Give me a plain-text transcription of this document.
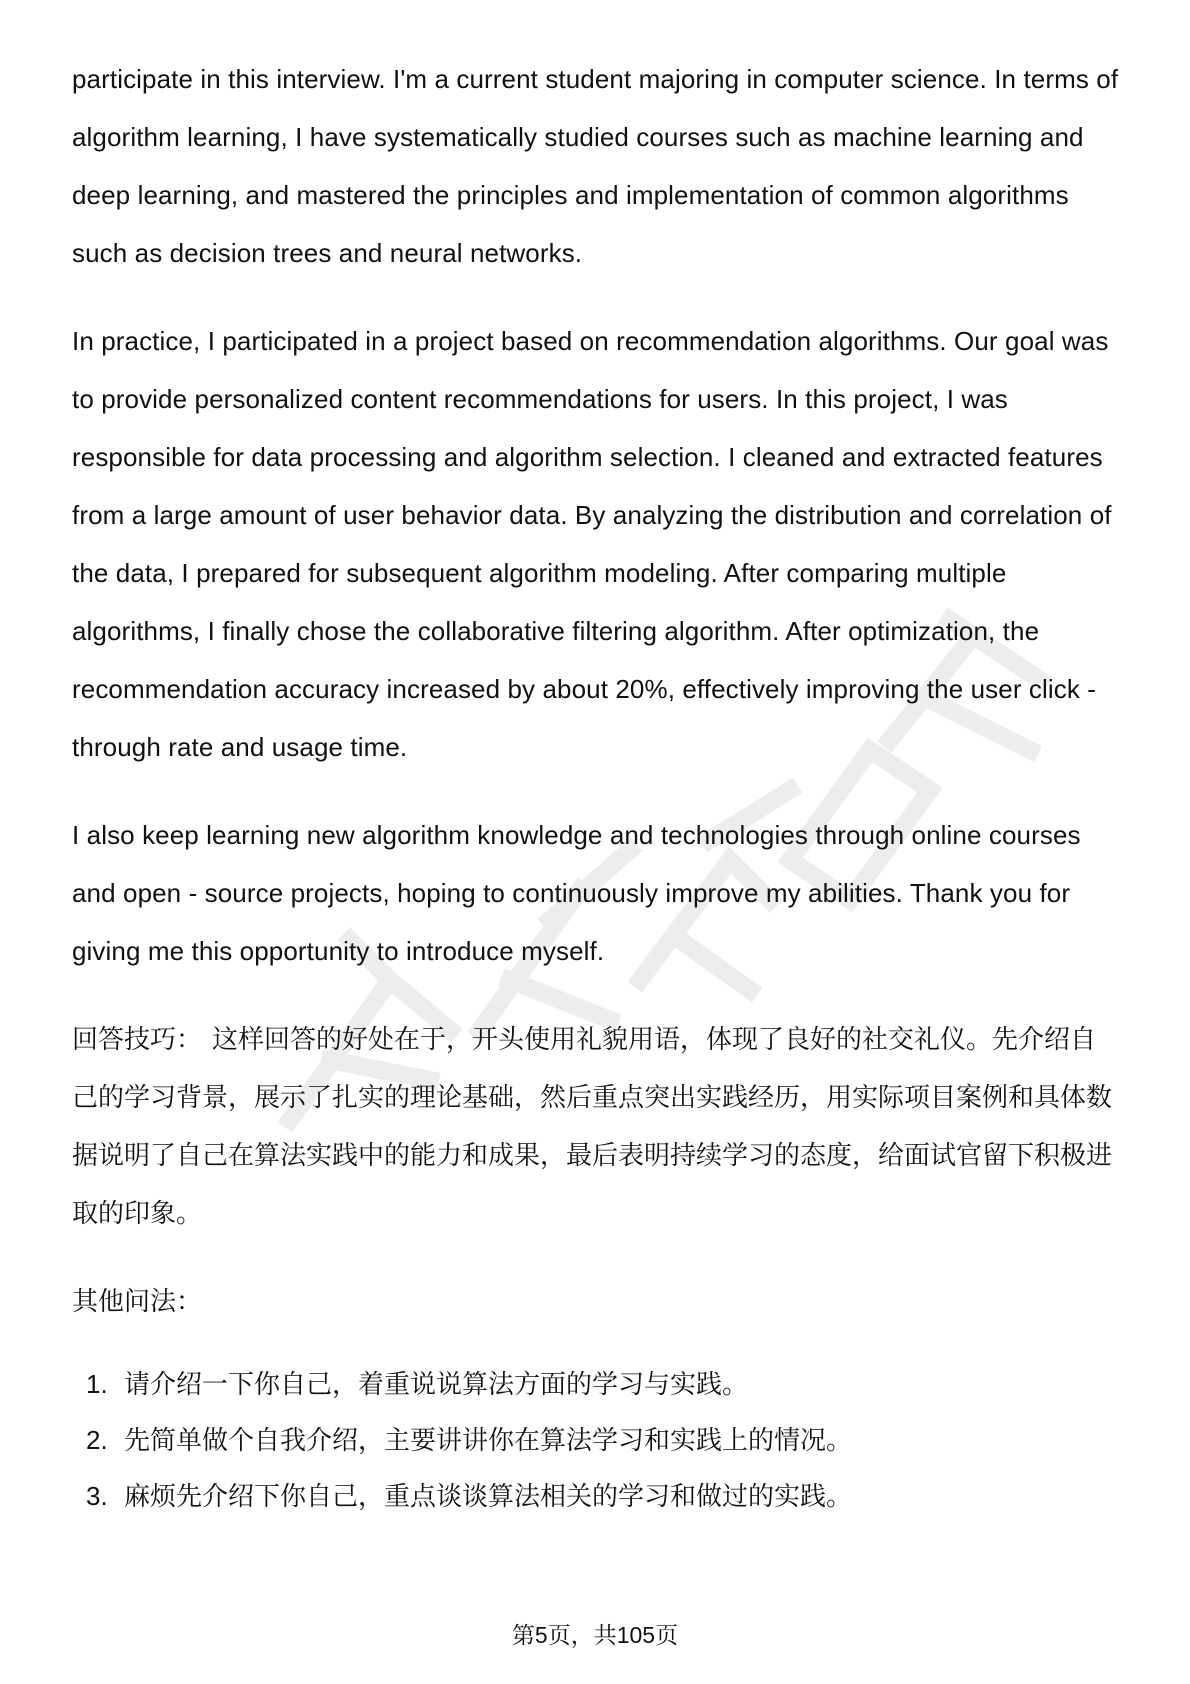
participate in this interview. I'm a current student majoring in computer science. In terms of algorithm learning, I have systematically studied courses such as machine learning and deep learning, and mastered the principles and implementation of common algorithms such as decision trees and neural networks.

In practice, I participated in a project based on recommendation algorithms. Our goal was to provide personalized content recommendations for users. In this project, I was responsible for data processing and algorithm selection. I cleaned and extracted features from a large amount of user behavior data. By analyzing the distribution and correlation of the data, I prepared for subsequent algorithm modeling. After comparing multiple algorithms, I finally chose the collaborative filtering algorithm. After optimization, the recommendation accuracy increased by about 20%, effectively improving the user click - through rate and usage time.

I also keep learning new algorithm knowledge and technologies through online courses and open - source projects, hoping to continuously improve my abilities. Thank you for giving me this opportunity to introduce myself.

回答技巧： 这样回答的好处在于，开头使用礼貌用语，体现了良好的社交礼仪。先介绍自己的学习背景，展示了扎实的理论基础，然后重点突出实践经历，用实际项目案例和具体数据说明了自己在算法实践中的能力和成果，最后表明持续学习的态度，给面试官留下积极进取的印象。

其他问法：
1. 请介绍一下你自己，着重说说算法方面的学习与实践。
2. 先简单做个自我介绍，主要讲讲你在算法学习和实践上的情况。
3. 麻烦先介绍下你自己，重点谈谈算法相关的学习和做过的实践。
第5页，共105页
